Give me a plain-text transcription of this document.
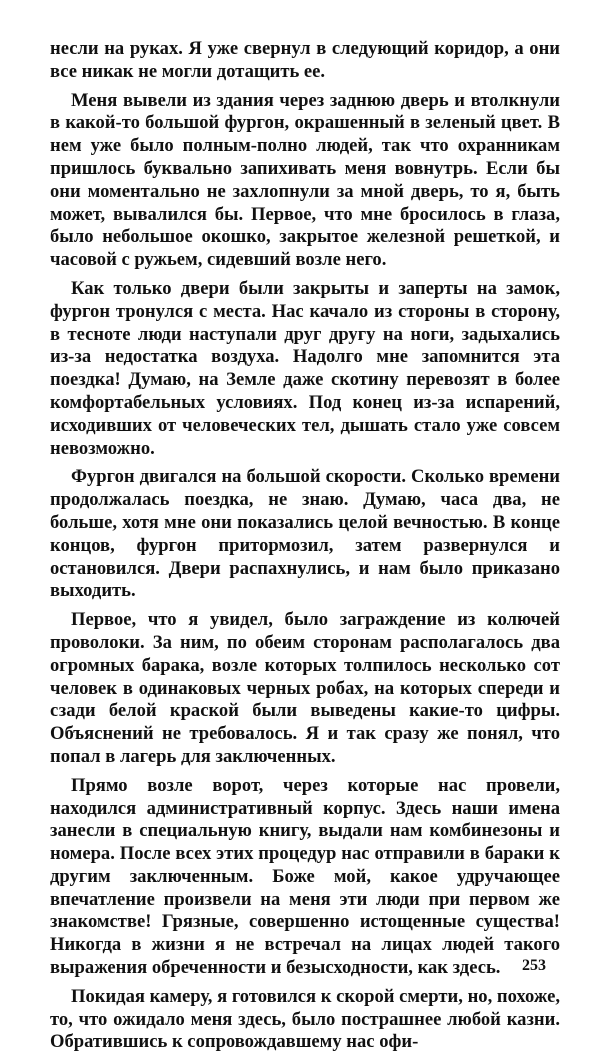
несли на руках. Я уже свернул в следующий коридор, а они все никак не могли дотащить ее.

Меня вывели из здания через заднюю дверь и втолкнули в какой-то большой фургон, окрашенный в зеленый цвет. В нем уже было полным-полно людей, так что охранникам пришлось буквально запихивать меня вовнутрь. Если бы они моментально не захлопнули за мной дверь, то я, быть может, вывалился бы. Первое, что мне бросилось в глаза, было небольшое окошко, закрытое железной решеткой, и часовой с ружьем, сидевший возле него.

Как только двери были закрыты и заперты на замок, фургон тронулся с места. Нас качало из стороны в сторону, в тесноте люди наступали друг другу на ноги, задыхались из-за недостатка воздуха. Надолго мне запомнится эта поездка! Думаю, на Земле даже скотину перевозят в более комфортабельных условиях. Под конец из-за испарений, исходивших от человеческих тел, дышать стало уже совсем невозможно.

Фургон двигался на большой скорости. Сколько времени продолжалась поездка, не знаю. Думаю, часа два, не больше, хотя мне они показались целой вечностью. В конце концов, фургон притормозил, затем развернулся и остановился. Двери распахнулись, и нам было приказано выходить.

Первое, что я увидел, было заграждение из колючей проволоки. За ним, по обеим сторонам располагалось два огромных барака, возле которых толпилось несколько сот человек в одинаковых черных робах, на которых спереди и сзади белой краской были выведены какие-то цифры. Объяснений не требовалось. Я и так сразу же понял, что попал в лагерь для заключенных.

Прямо возле ворот, через которые нас провели, находился административный корпус. Здесь наши имена занесли в специальную книгу, выдали нам комбинезоны и номера. После всех этих процедур нас отправили в бараки к другим заключенным. Боже мой, какое удручающее впечатление произвели на меня эти люди при первом же знакомстве! Грязные, совершенно истощенные существа! Никогда в жизни я не встречал на лицах людей такого выражения обреченности и безысходности, как здесь.

Покидая камеру, я готовился к скорой смерти, но, похоже, то, что ожидало меня здесь, было пострашнее любой казни. Обратившись к сопровождавшему нас офи-

253
